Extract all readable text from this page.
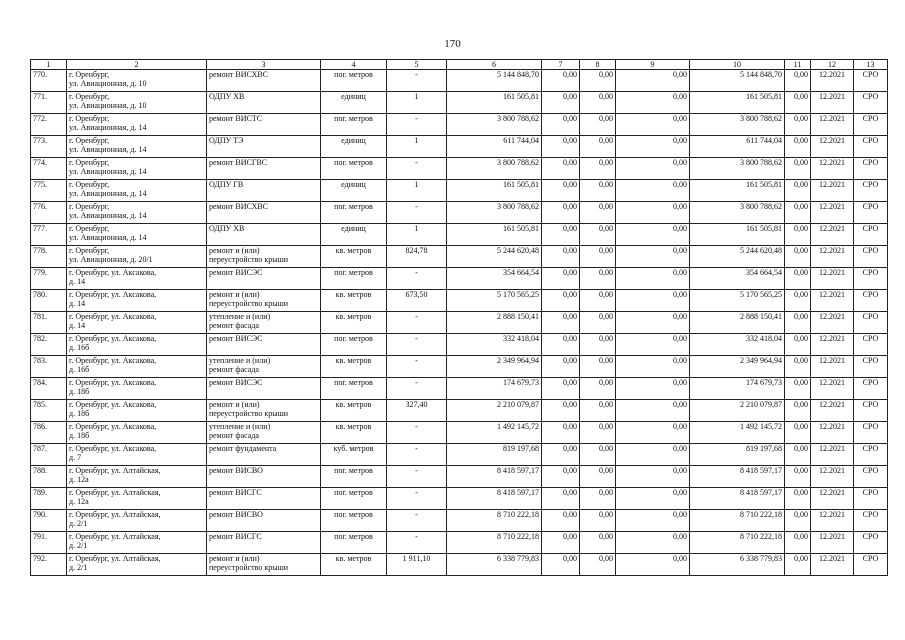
170
1	2	3	4	5	6	7	8	9	10	11	12	13
770.	г. Оренбург,
ул. Авиационная, д. 10	ремонт ВИСХВС	пог. метров	-	5 144 848,70	0,00	0,00	0,00	5 144 848,70	0,00	12.2021	СРО
771.	г. Оренбург,
ул. Авиационная, д. 10	ОДПУ ХВ	единиц	1	161 505,81	0,00	0,00	0,00	161 505,81	0,00	12.2021	СРО
772.	г. Оренбург,
ул. Авиационная, д. 14	ремонт ВИСТС	пог. метров	-	3 800 788,62	0,00	0,00	0,00	3 800 788,62	0,00	12.2021	СРО
773.	г. Оренбург,
ул. Авиационная, д. 14	ОДПУ ТЭ	единиц	1	611 744,04	0,00	0,00	0,00	611 744,04	0,00	12.2021	СРО
774.	г. Оренбург,
ул. Авиационная, д. 14	ремонт ВИСГВС	пог. метров	-	3 800 788,62	0,00	0,00	0,00	3 800 788,62	0,00	12.2021	СРО
775.	г. Оренбург,
ул. Авиационная, д. 14	ОДПУ ГВ	единиц	1	161 505,81	0,00	0,00	0,00	161 505,81	0,00	12.2021	СРО
776.	г. Оренбург,
ул. Авиационная, д. 14	ремонт ВИСХВС	пог. метров	-	3 800 788,62	0,00	0,00	0,00	3 800 788,62	0,00	12.2021	СРО
777.	г. Оренбург,
ул. Авиационная, д. 14	ОДПУ ХВ	единиц	1	161 505,81	0,00	0,00	0,00	161 505,81	0,00	12.2021	СРО
778.	г. Оренбург,
ул. Авиационная, д. 20/1	ремонт и (или)
переустройство крыши	кв. метров	824,78	5 244 620,48	0,00	0,00	0,00	5 244 620,48	0,00	12.2021	СРО
779.	г. Оренбург, ул. Аксакова,
д. 14	ремонт ВИСЭС	пог. метров	-	354 664,54	0,00	0,00	0,00	354 664,54	0,00	12.2021	СРО
780.	г. Оренбург, ул. Аксакова,
д. 14	ремонт и (или)
переустройство крыши	кв. метров	673,50	5 170 565,25	0,00	0,00	0,00	5 170 565,25	0,00	12.2021	СРО
781.	г. Оренбург, ул. Аксакова,
д. 14	утепление и (или)
ремонт фасада	кв. метров	-	2 888 150,41	0,00	0,00	0,00	2 888 150,41	0,00	12.2021	СРО
782.	г. Оренбург, ул. Аксакова,
д. 16б	ремонт ВИСЭС	пог. метров	-	332 418,04	0,00	0,00	0,00	332 418,04	0,00	12.2021	СРО
783.	г. Оренбург, ул. Аксакова,
д. 16б	утепление и (или)
ремонт фасада	кв. метров	-	2 349 964,94	0,00	0,00	0,00	2 349 964,94	0,00	12.2021	СРО
784.	г. Оренбург, ул. Аксакова,
д. 18б	ремонт ВИСЭС	пог. метров	-	174 679,73	0,00	0,00	0,00	174 679,73	0,00	12.2021	СРО
785.	г. Оренбург, ул. Аксакова,
д. 18б	ремонт и (или)
переустройство крыши	кв. метров	327,40	2 210 079,87	0,00	0,00	0,00	2 210 079,87	0,00	12.2021	СРО
786.	г. Оренбург, ул. Аксакова,
д. 18б	утепление и (или)
ремонт фасада	кв. метров	-	1 492 145,72	0,00	0,00	0,00	1 492 145,72	0,00	12.2021	СРО
787.	г. Оренбург, ул. Аксакова,
д. 7	ремонт фундамента	куб. метров	-	819 197,68	0,00	0,00	0,00	819 197,68	0,00	12.2021	СРО
788.	г. Оренбург, ул. Алтайская,
д. 12а	ремонт ВИСВО	пог. метров	-	8 418 597,17	0,00	0,00	0,00	8 418 597,17	0,00	12.2021	СРО
789.	г. Оренбург, ул. Алтайская,
д. 12а	ремонт ВИСГС	пог. метров	-	8 418 597,17	0,00	0,00	0,00	8 418 597,17	0,00	12.2021	СРО
790.	г. Оренбург, ул. Алтайская,
д. 2/1	ремонт ВИСВО	пог. метров	-	8 710 222,18	0,00	0,00	0,00	8 710 222,18	0,00	12.2021	СРО
791.	г. Оренбург, ул. Алтайская,
д. 2/1	ремонт ВИСГС	пог. метров	-	8 710 222,18	0,00	0,00	0,00	8 710 222,18	0,00	12.2021	СРО
792.	г. Оренбург, ул. Алтайская,
д. 2/1	ремонт и (или)
переустройство крыши	кв. метров	1 911,10	6 338 779,83	0,00	0,00	0,00	6 338 779,83	0,00	12.2021	СРО
